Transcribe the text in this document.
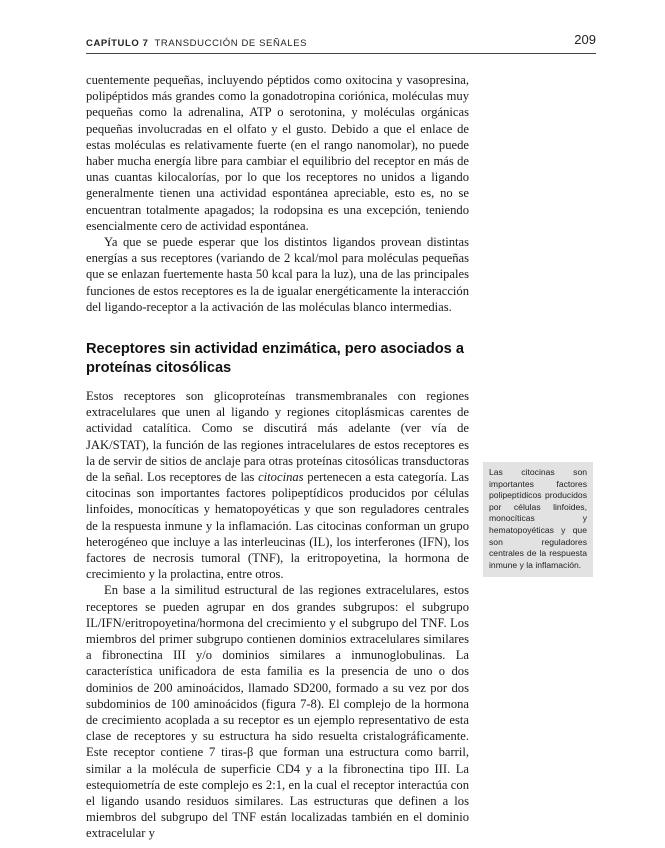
CAPÍTULO 7 TRANSDUCCIÓN DE SEÑALES	209

cuentemente pequeñas, incluyendo péptidos como oxitocina y vasopresina, polipéptidos más grandes como la gonadotropina coriónica, moléculas muy pequeñas como la adrenalina, ATP o serotonina, y moléculas orgánicas pequeñas involucradas en el olfato y el gusto. Debido a que el enlace de estas moléculas es relativamente fuerte (en el rango nanomolar), no puede haber mucha energía libre para cambiar el equilibrio del receptor en más de unas cuantas kilocalorías, por lo que los receptores no unidos a ligando generalmente tienen una actividad espontánea apreciable, esto es, no se encuentran totalmente apagados; la rodopsina es una excepción, teniendo esencialmente cero de actividad espontánea.

Ya que se puede esperar que los distintos ligandos provean distintas energías a sus receptores (variando de 2 kcal/mol para moléculas pequeñas que se enlazan fuertemente hasta 50 kcal para la luz), una de las principales funciones de estos receptores es la de igualar energéticamente la interacción del ligando-receptor a la activación de las moléculas blanco intermedias.

Receptores sin actividad enzimática, pero asociados a proteínas citosólicas

Estos receptores son glicoproteínas transmembranales con regiones extracelulares que unen al ligando y regiones citoplásmicas carentes de actividad catalítica. Como se discutirá más adelante (ver vía de JAK/STAT), la función de las regiones intracelulares de estos receptores es la de servir de sitios de anclaje para otras proteínas citosólicas transductoras de la señal. Los receptores de las citocinas pertenecen a esta categoría. Las citocinas son importantes factores polipeptídicos producidos por células linfoides, monocíticas y hematopoyéticas y que son reguladores centrales de la respuesta inmune y la inflamación. Las citocinas conforman un grupo heterogéneo que incluye a las interleucinas (IL), los interferones (IFN), los factores de necrosis tumoral (TNF), la eritropoyetina, la hormona de crecimiento y la prolactina, entre otros.

En base a la similitud estructural de las regiones extracelulares, estos receptores se pueden agrupar en dos grandes subgrupos: el subgrupo IL/IFN/eritropoyetina/hormona del crecimiento y el subgrupo del TNF. Los miembros del primer subgrupo contienen dominios extracelulares similares a fibronectina III y/o dominios similares a inmunoglobulinas. La característica unificadora de esta familia es la presencia de uno o dos dominios de 200 aminoácidos, llamado SD200, formado a su vez por dos subdominios de 100 aminoácidos (figura 7-8). El complejo de la hormona de crecimiento acoplada a su receptor es un ejemplo representativo de esta clase de receptores y su estructura ha sido resuelta cristalográficamente. Este receptor contiene 7 tiras-β que forman una estructura como barril, similar a la molécula de superficie CD4 y a la fibronectina tipo III. La estequiometría de este complejo es 2:1, en la cual el receptor interactúa con el ligando usando residuos similares. Las estructuras que definen a los miembros del subgrupo del TNF están localizadas también en el dominio extracelular y

Las citocinas son importantes factores polipeptídicos producidos por células linfoides, monocíticas y hematopoyéticas y que son reguladores centrales de la respuesta inmune y la inflamación.
